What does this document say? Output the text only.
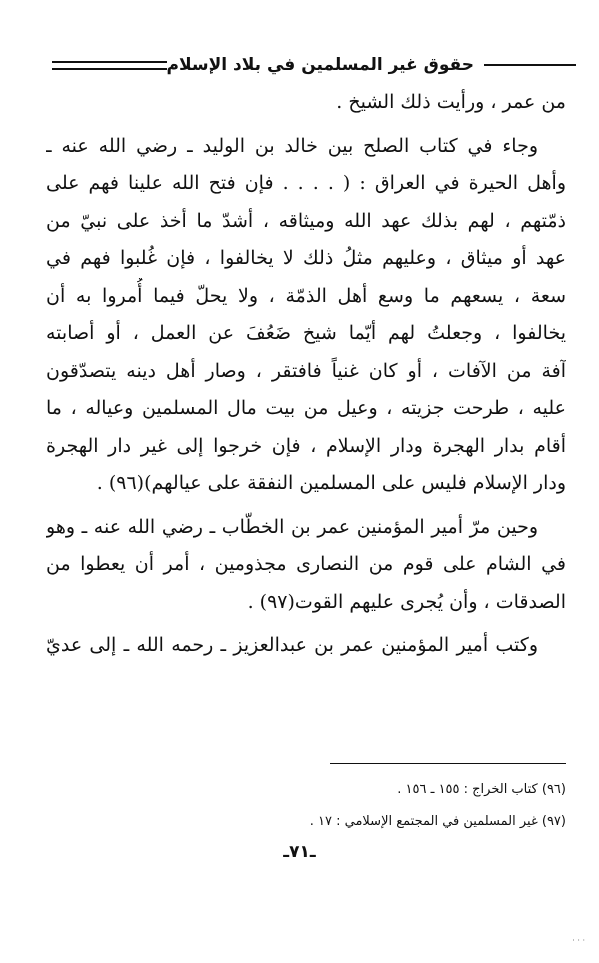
حقوق غير المسلمين في بلاد الإسلام
من عمر ، ورأيت ذلك الشيخ .
وجاء في كتاب الصلح بين خالد بن الوليد ـ رضي الله عنه ـ
وأهل الحيرة في العراق : ( . . . . فإن فتح الله علينا فهم على
ذمّتهم ، لهم بذلك عهد الله وميثاقه ، أشدّ ما أخذ على نبيّ من
عهد أو ميثاق ، وعليهم مثلُ ذلك لا يخالفوا ، فإن غُلبوا فهم في
سعة ، يسعهم ما وسع أهل الذمّة ، ولا يحلّ فيما أُمروا به أن
يخالفوا ، وجعلتُ لهم أيّما شيخ ضَعُفَ عن العمل ، أو أصابته
آفة من الآفات ، أو كان غنياً فافتقر ، وصار أهل دينه يتصدّقون
عليه ، طرحت جزيته ، وعيل من بيت مال المسلمين وعياله ، ما
أقام بدار الهجرة ودار الإسلام ، فإن خرجوا إلى غير دار الهجرة
ودار الإسلام فليس على المسلمين النفقة على عيالهم)(٩٦) .
وحين مرّ أمير المؤمنين عمر بن الخطّاب ـ رضي الله عنه ـ وهو
في الشام على قوم من النصارى مجذومين ، أمر أن يعطوا من
الصدقات ، وأن يُجرى عليهم القوت(٩٧) .
وكتب أمير المؤمنين عمر بن عبدالعزيز ـ رحمه الله ـ إلى عديّ
(٩٦) كتاب الخراج : ١٥٥ ـ ١٥٦ .
(٩٧) غير المسلمين في المجتمع الإسلامي : ١٧ .
ـ٧١ـ
· · ·
